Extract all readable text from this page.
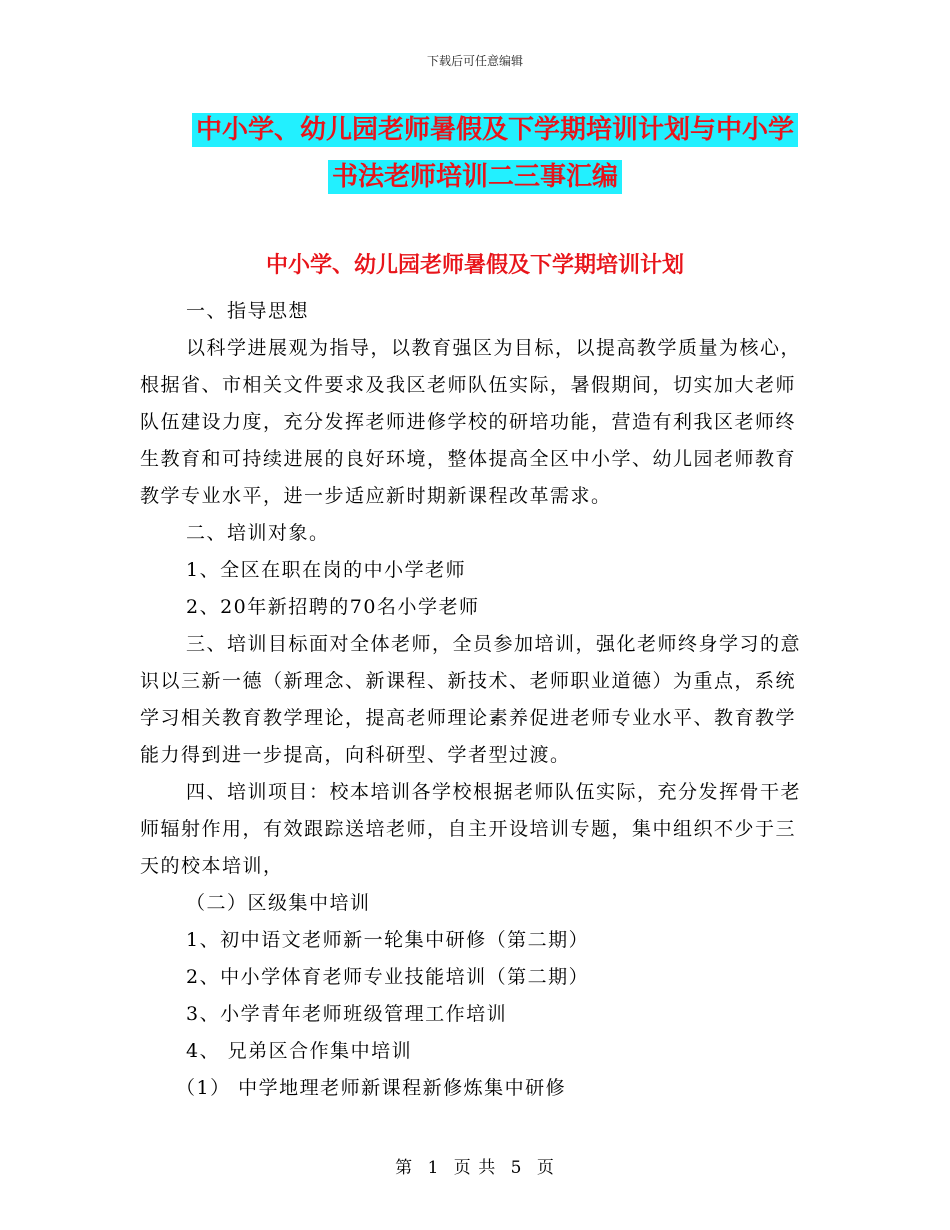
下载后可任意编辑
中小学、幼儿园老师暑假及下学期培训计划与中小学
书法老师培训二三事汇编
中小学、幼儿园老师暑假及下学期培训计划

一、指导思想

以科学进展观为指导，以教育强区为目标，以提高教学质量为核心，根据省、市相关文件要求及我区老师队伍实际，暑假期间，切实加大老师队伍建设力度，充分发挥老师进修学校的研培功能，营造有利我区老师终生教育和可持续进展的良好环境，整体提高全区中小学、幼儿园老师教育教学专业水平，进一步适应新时期新课程改革需求。

二、培训对象。

1、全区在职在岗的中小学老师

2、20年新招聘的70名小学老师

三、培训目标面对全体老师，全员参加培训，强化老师终身学习的意识以三新一德（新理念、新课程、新技术、老师职业道德）为重点，系统学习相关教育教学理论，提高老师理论素养促进老师专业水平、教育教学能力得到进一步提高，向科研型、学者型过渡。

四、培训项目：校本培训各学校根据老师队伍实际，充分发挥骨干老师辐射作用，有效跟踪送培老师，自主开设培训专题，集中组织不少于三天的校本培训，

（二）区级集中培训

1、初中语文老师新一轮集中研修（第二期）

2、中小学体育老师专业技能培训（第二期）

3、小学青年老师班级管理工作培训

4、 兄弟区合作集中培训

（1） 中学地理老师新课程新修炼集中研修

第 1 页 共 5 页
